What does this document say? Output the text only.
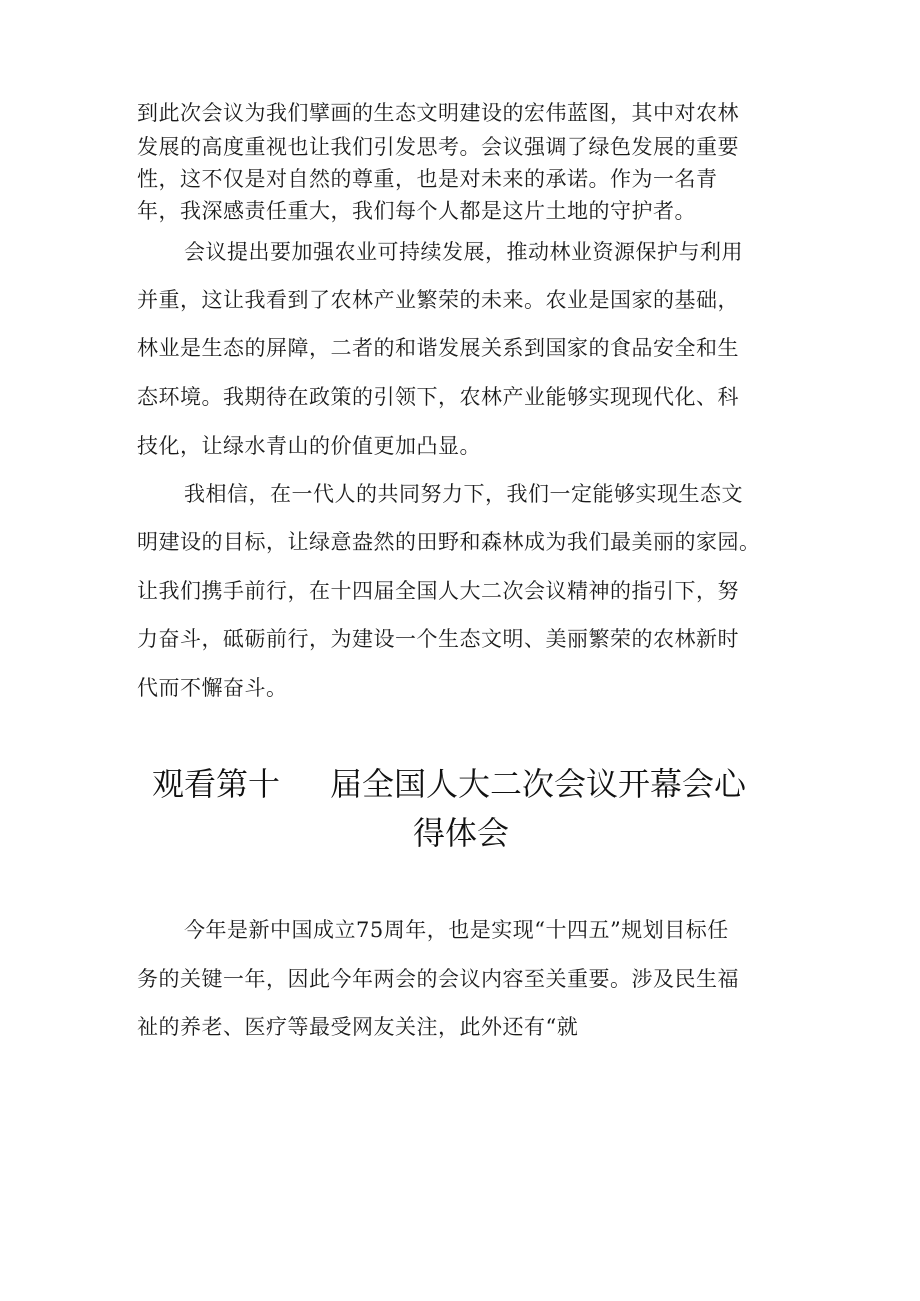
到此次会议为我们擘画的生态文明建设的宏伟蓝图，其中对农林
发展的高度重视也让我们引发思考。会议强调了绿色发展的重要
性，这不仅是对自然的尊重，也是对未来的承诺。作为一名青
年，我深感责任重大，我们每个人都是这片土地的守护者。
会议提出要加强农业可持续发展，推动林业资源保护与利用
并重，这让我看到了农林产业繁荣的未来。农业是国家的基础，
林业是生态的屏障，二者的和谐发展关系到国家的食品安全和生
态环境。我期待在政策的引领下，农林产业能够实现现代化、科
技化，让绿水青山的价值更加凸显。
我相信，在一代人的共同努力下，我们一定能够实现生态文
明建设的目标，让绿意盎然的田野和森林成为我们最美丽的家园。
让我们携手前行，在十四届全国人大二次会议精神的指引下，努
力奋斗，砥砺前行，为建设一个生态文明、美丽繁荣的农林新时
代而不懈奋斗。
观看第十 届全国人大二次会议开幕会心
得体会
今年是新中国成立75周年，也是实现“十四五”规划目标任
务的关键一年，因此今年两会的会议内容至关重要。涉及民生福
祉的养老、医疗等最受网友关注，此外还有“就
